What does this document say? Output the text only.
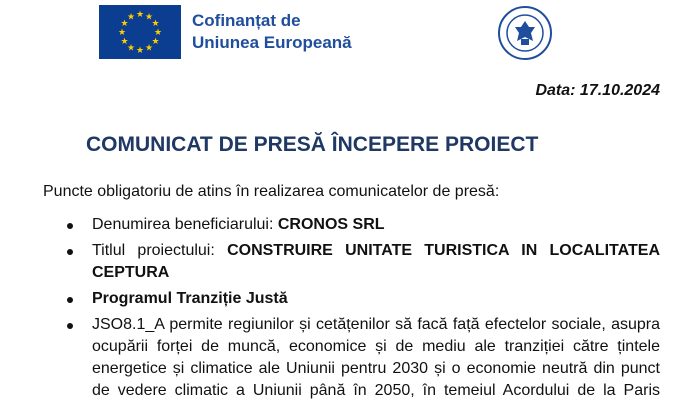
★ ★
★
★
★
★
★
★
★
★
★
★	Cofinanțat de
Uniunea Europeană
Data: 17.10.2024
COMUNICAT DE PRESĂ ÎNCEPERE PROIECT
Puncte obligatoriu de atins în realizarea comunicatelor de presă:
Denumirea beneficiarului: CRONOS SRL
Titlul proiectului: CONSTRUIRE UNITATE TURISTICA IN LOCALITATEA
CEPTURA
Programul Tranziție Justă
JSO8.1_A permite regiunilor și cetățenilor să facă față efectelor sociale, asupra
ocupării forței de muncă, economice și de mediu ale tranziției către țintele
energetice și climatice ale Uniunii pentru 2030 și o economie neutră din punct
de vedere climatic a Uniunii până în 2050, în temeiul Acordului de la Paris
